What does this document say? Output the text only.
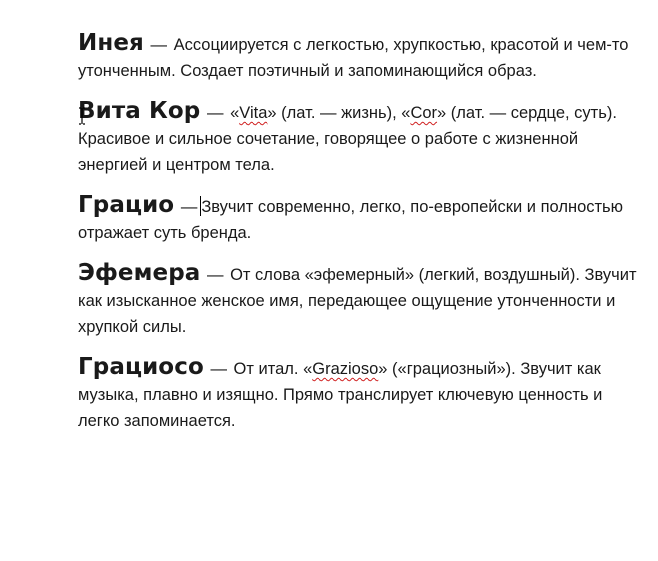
Инея — Ассоциируется с легкостью, хрупкостью, красотой и чем-то утонченным. Создает поэтичный и запоминающийся образ.

Вита Кор — «Vita» (лат. — жизнь), «Cor» (лат. — сердце, суть). Красивое и сильное сочетание, говорящее о работе с жизненной энергией и центром тела.

Грацио — Звучит современно, легко, по-европейски и полностью отражает суть бренда.

Эфемера — От слова «эфемерный» (легкий, воздушный). Звучит как изысканное женское имя, передающее ощущение утонченности и хрупкой силы.

Грациосо — От итал. «Grazioso» («грациозный»). Звучит как музыка, плавно и изящно. Прямо транслирует ключевую ценность и легко запоминается.
